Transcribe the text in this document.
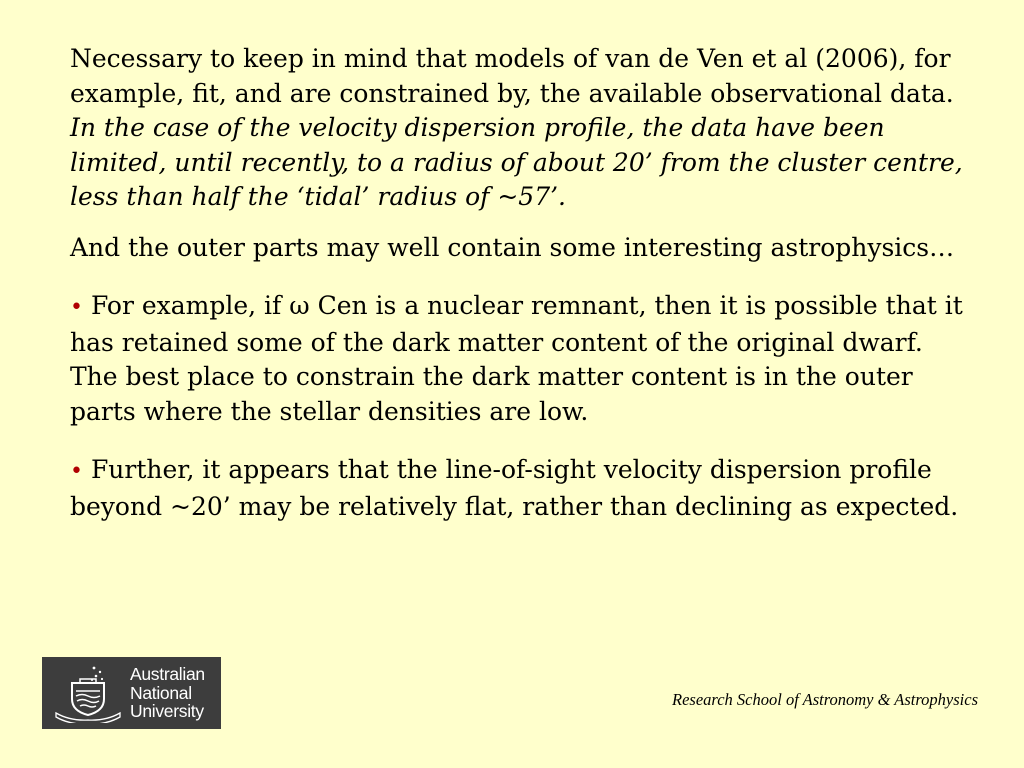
Necessary to keep in mind that models of van de Ven et al (2006), for example, fit, and are constrained by, the available observational data.  In the case of the velocity dispersion profile, the data have been limited, until recently, to a radius of about 20’ from the cluster centre, less than half the ‘tidal’ radius of ~57’.

And the outer parts may well contain some interesting astrophysics…

• For example, if ω Cen is a nuclear remnant, then it is possible that it has retained some of the dark matter content of the original dwarf. The best place to constrain the dark matter content is in the outer parts where the stellar densities are low.

• Further, it appears that the line-of-sight velocity dispersion profile beyond ~20’ may be relatively flat, rather than declining as expected.

Australian
National
University
Research School of Astronomy & Astrophysics
